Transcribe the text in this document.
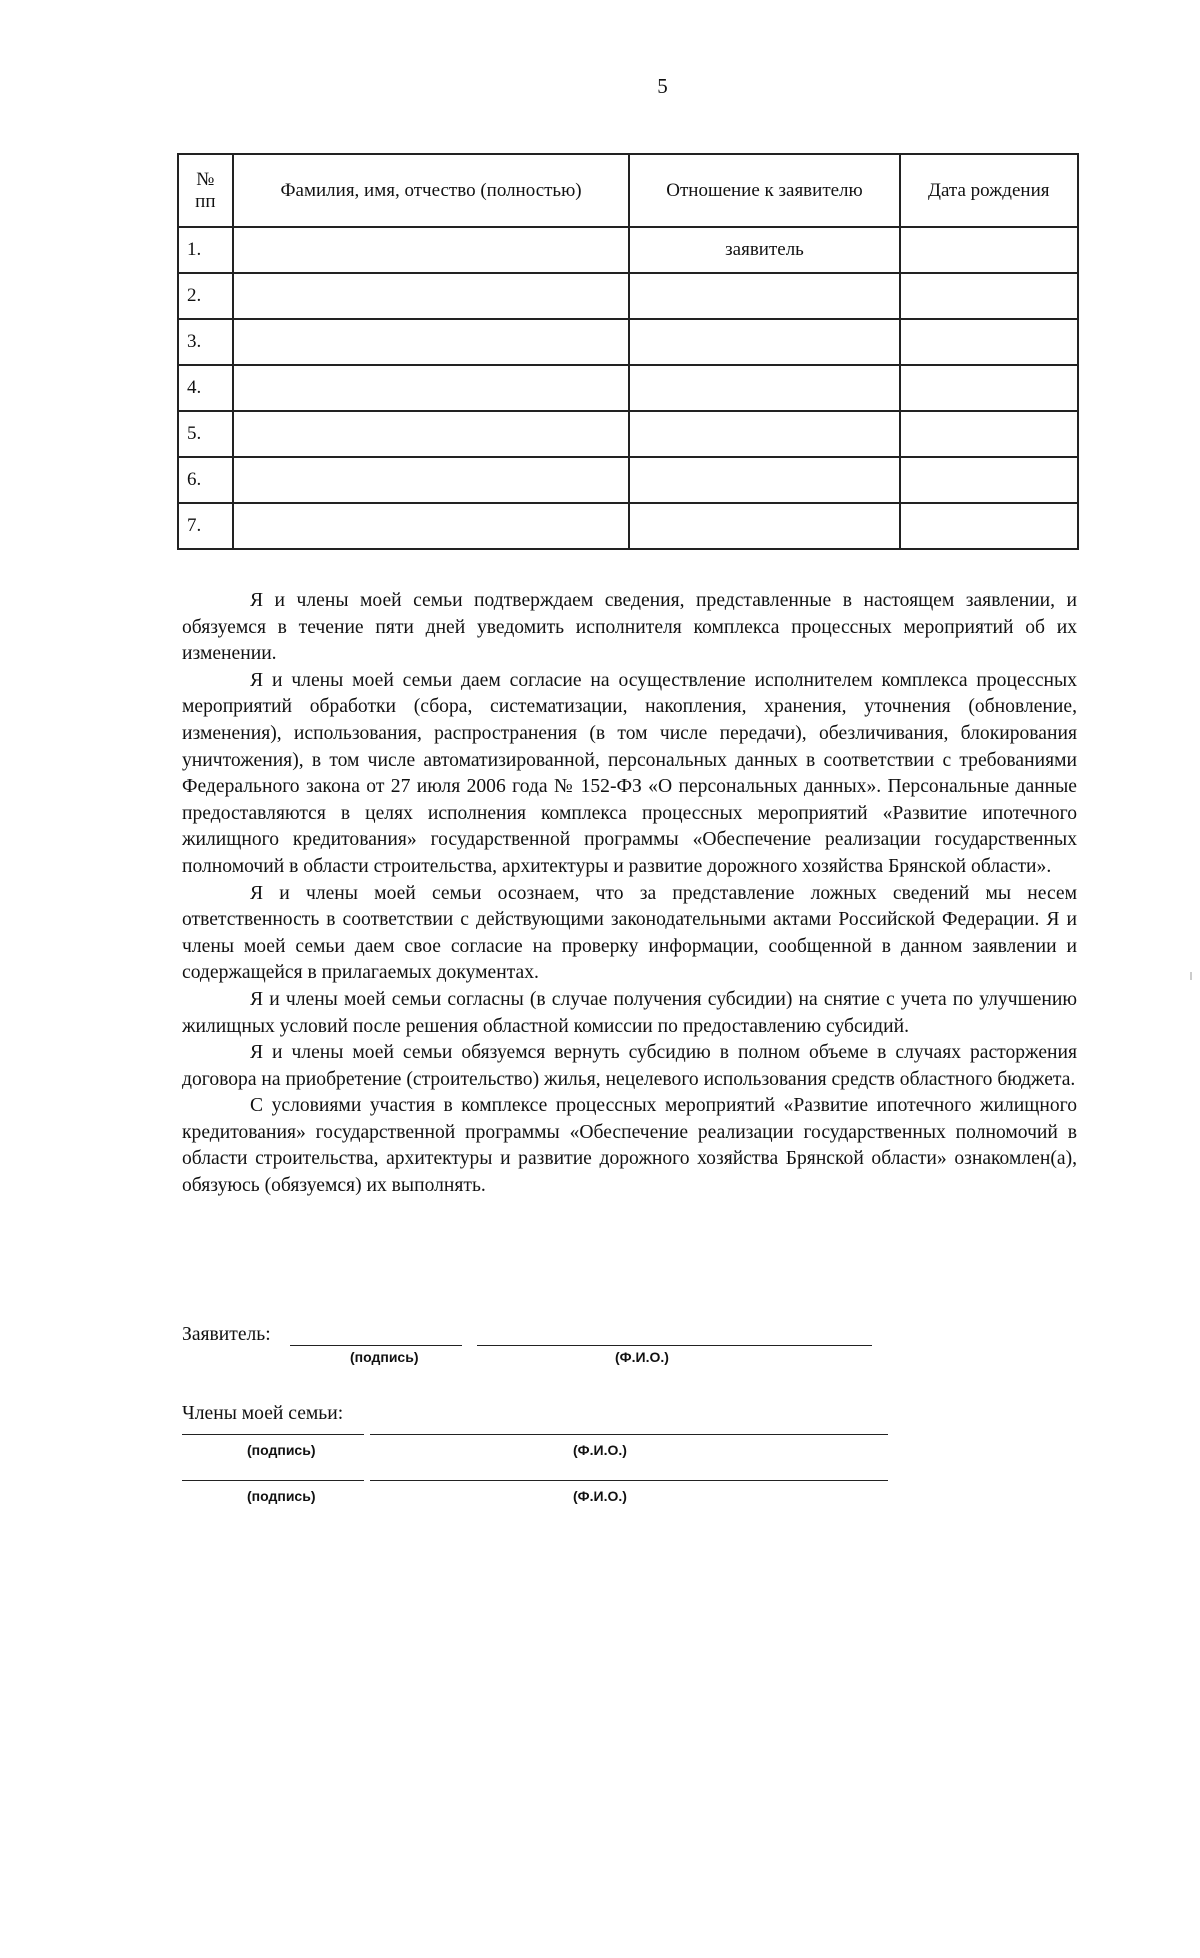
5
№ пп	Фамилия, имя, отчество (полностью)	Отношение к заявителю	Дата рождения
1.		заявитель	
2.			
3.			
4.			
5.			
6.			
7.			

Я и члены моей семьи подтверждаем сведения, представленные в настоящем заявлении, и обязуемся в течение пяти дней уведомить исполнителя комплекса процессных мероприятий об их изменении.

Я и члены моей семьи даем согласие на осуществление исполнителем комплекса процессных мероприятий обработки (сбора, систематизации, накопления, хранения, уточнения (обновление, изменения), использования, распространения (в том числе передачи), обезличивания, блокирования уничтожения), в том числе автоматизированной, персональных данных в соответствии с требованиями Федерального закона от 27 июля 2006 года № 152-ФЗ «О персональных данных». Персональные данные предоставляются в целях исполнения комплекса процессных мероприятий «Развитие ипотечного жилищного кредитования» государственной программы «Обеспечение реализации государственных полномочий в области строительства, архитектуры и развитие дорожного хозяйства Брянской области».

Я и члены моей семьи осознаем, что за представление ложных сведений мы несем ответственность в соответствии с действующими законодательными актами Российской Федерации. Я и члены моей семьи даем свое согласие на проверку информации, сообщенной в данном заявлении и содержащейся в прилагаемых документах.

Я и члены моей семьи согласны (в случае получения субсидии) на снятие с учета по улучшению жилищных условий после решения областной комиссии по предоставлению субсидий.

Я и члены моей семьи обязуемся вернуть субсидию в полном объеме в случаях расторжения договора на приобретение (строительство) жилья, нецелевого использования средств областного бюджета.

С условиями участия в комплексе процессных мероприятий «Развитие ипотечного жилищного кредитования» государственной программы «Обеспечение реализации государственных полномочий в области строительства, архитектуры и развитие дорожного хозяйства Брянской области» ознакомлен(а), обязуюсь (обязуемся) их выполнять.

Заявитель:
(подпись)	(Ф.И.О.)
Члены моей семьи:
(подпись)	(Ф.И.О.)
(подпись)	(Ф.И.О.)
